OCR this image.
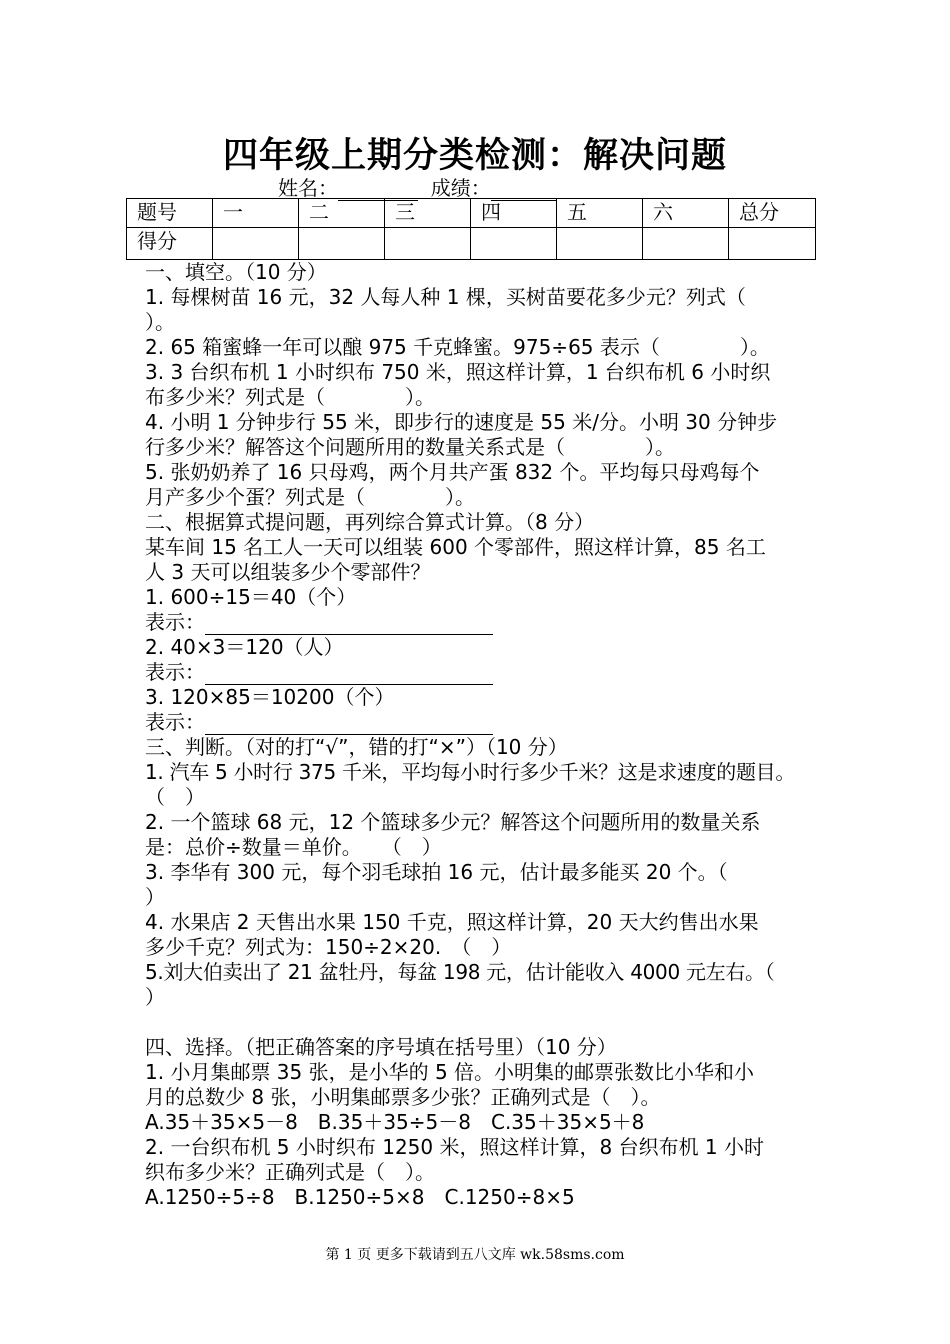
四年级上期分类检测：解决问题
姓名：	成绩：
题号	一	二	三	四	五	六	总分
得分							

一、填空。（10 分）

1. 每棵树苗 16 元，32 人每人种 1 棵，买树苗要花多少元？列式（

）。

2. 65 箱蜜蜂一年可以酿 975 千克蜂蜜。975÷65 表示（　　　　）。

3. 3 台织布机 1 小时织布 750 米，照这样计算，1 台织布机 6 小时织

布多少米？列式是（　　　　）。

4. 小明 1 分钟步行 55 米，即步行的速度是 55 米/分。小明 30 分钟步

行多少米？解答这个问题所用的数量关系式是（　　　　）。

5. 张奶奶养了 16 只母鸡，两个月共产蛋 832 个。平均每只母鸡每个

月产多少个蛋？列式是（　　　　）。

二、根据算式提问题，再列综合算式计算。（8 分）

某车间 15 名工人一天可以组装 600 个零部件，照这样计算，85 名工

人 3 天可以组装多少个零部件？

1. 600÷15＝40（个）

表示：

2. 40×3＝120（人）

表示：

3. 120×85＝10200（个）

表示：

三、判断。（对的打“√”，错的打“×”）（10 分）

1. 汽车 5 小时行 375 千米，平均每小时行多少千米？这是求速度的题目。

（　）

2. 一个篮球 68 元，12 个篮球多少元？解答这个问题所用的数量关系

是：总价÷数量＝单价。　　（　）

3. 李华有 300 元，每个羽毛球拍 16 元，估计最多能买 20 个。（

）

4. 水果店 2 天售出水果 150 千克，照这样计算，20 天大约售出水果

多少千克？列式为：150÷2×20.　（　）

5.刘大伯卖出了 21 盆牡丹，每盆 198 元，估计能收入 4000 元左右。（

）

四、选择。（把正确答案的序号填在括号里）（10 分）

1. 小月集邮票 35 张，是小华的 5 倍。小明集的邮票张数比小华和小

月的总数少 8 张，小明集邮票多少张？正确列式是（　）。

A.35＋35×5－8　B.35＋35÷5－8　C.35＋35×5＋8

2. 一台织布机 5 小时织布 1250 米，照这样计算，8 台织布机 1 小时

织布多少米？正确列式是（　）。

A.1250÷5÷8　B.1250÷5×8　C.1250÷8×5

第 1 页 更多下载请到五八文库 wk.58sms.com
